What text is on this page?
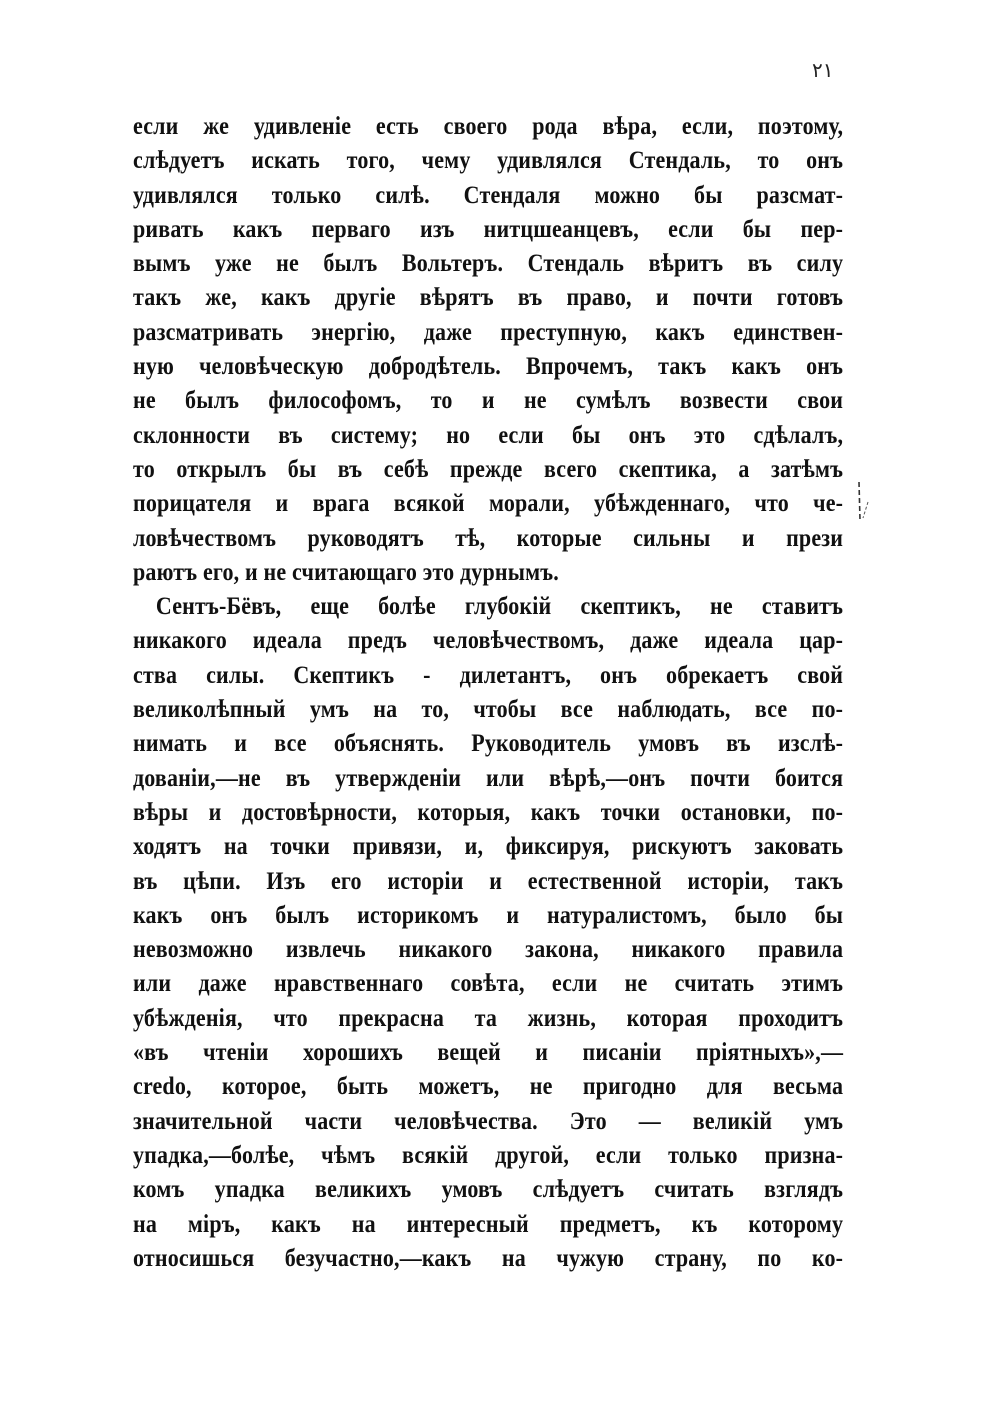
٢١
если же удивленіе есть своего рода вѣра, если, поэтому,
слѣдуетъ искать того, чему удивлялся Стендаль, то онъ
удивлялся только силѣ. Стендаля можно бы разсмат-
ривать какъ перваго изъ нитцшеанцевъ, если бы пер-
вымъ уже не былъ Вольтеръ. Стендаль вѣритъ въ силу
такъ же, какъ другіе вѣрятъ въ право, и почти готовъ
разсматривать энергію, даже преступную, какъ единствен-
ную человѣческую добродѣтель. Впрочемъ, такъ какъ онъ
не былъ философомъ, то и не сумѣлъ возвести свои
склонности въ систему; но если бы онъ это сдѣлалъ,
то открылъ бы въ себѣ прежде всего скептика, а затѣмъ
порицателя и врага всякой морали, убѣжденнаго, что че-
ловѣчествомъ руководятъ тѣ, которые сильны и прези
раютъ его, и не считающаго это дурнымъ.
Сентъ-Бёвъ, еще болѣе глубокій скептикъ, не ставитъ
никакого идеала предъ человѣчествомъ, даже идеала цар-
ства силы. Скептикъ - дилетантъ, онъ обрекаетъ свой
великолѣпный умъ на то, чтобы все наблюдать, все по-
нимать и все объяснять. Руководитель умовъ въ изслѣ-
дованіи,—не въ утвержденіи или вѣрѣ,—онъ почти боится
вѣры и достовѣрности, которыя, какъ точки остановки, по-
ходятъ на точки привязи, и, фиксируя, рискуютъ заковать
въ цѣпи. Изъ его исторіи и естественной исторіи, такъ
какъ онъ былъ историкомъ и натуралистомъ, было бы
невозможно извлечь никакого закона, никакого правила
или даже нравственнаго совѣта, если не считать этимъ
убѣжденія, что прекрасна та жизнь, которая проходитъ
«въ чтеніи хорошихъ вещей и писаніи пріятныхъ»,—
credo, которое, быть можетъ, не пригодно для весьма
значительной части человѣчества. Это — великій умъ
упадка,—болѣе, чѣмъ всякій другой, если только призна-
комъ упадка великихъ умовъ слѣдуетъ считать взглядъ
на міръ, какъ на интересный предметъ, къ которому
относишься безучастно,—какъ на чужую страну, по ко-
